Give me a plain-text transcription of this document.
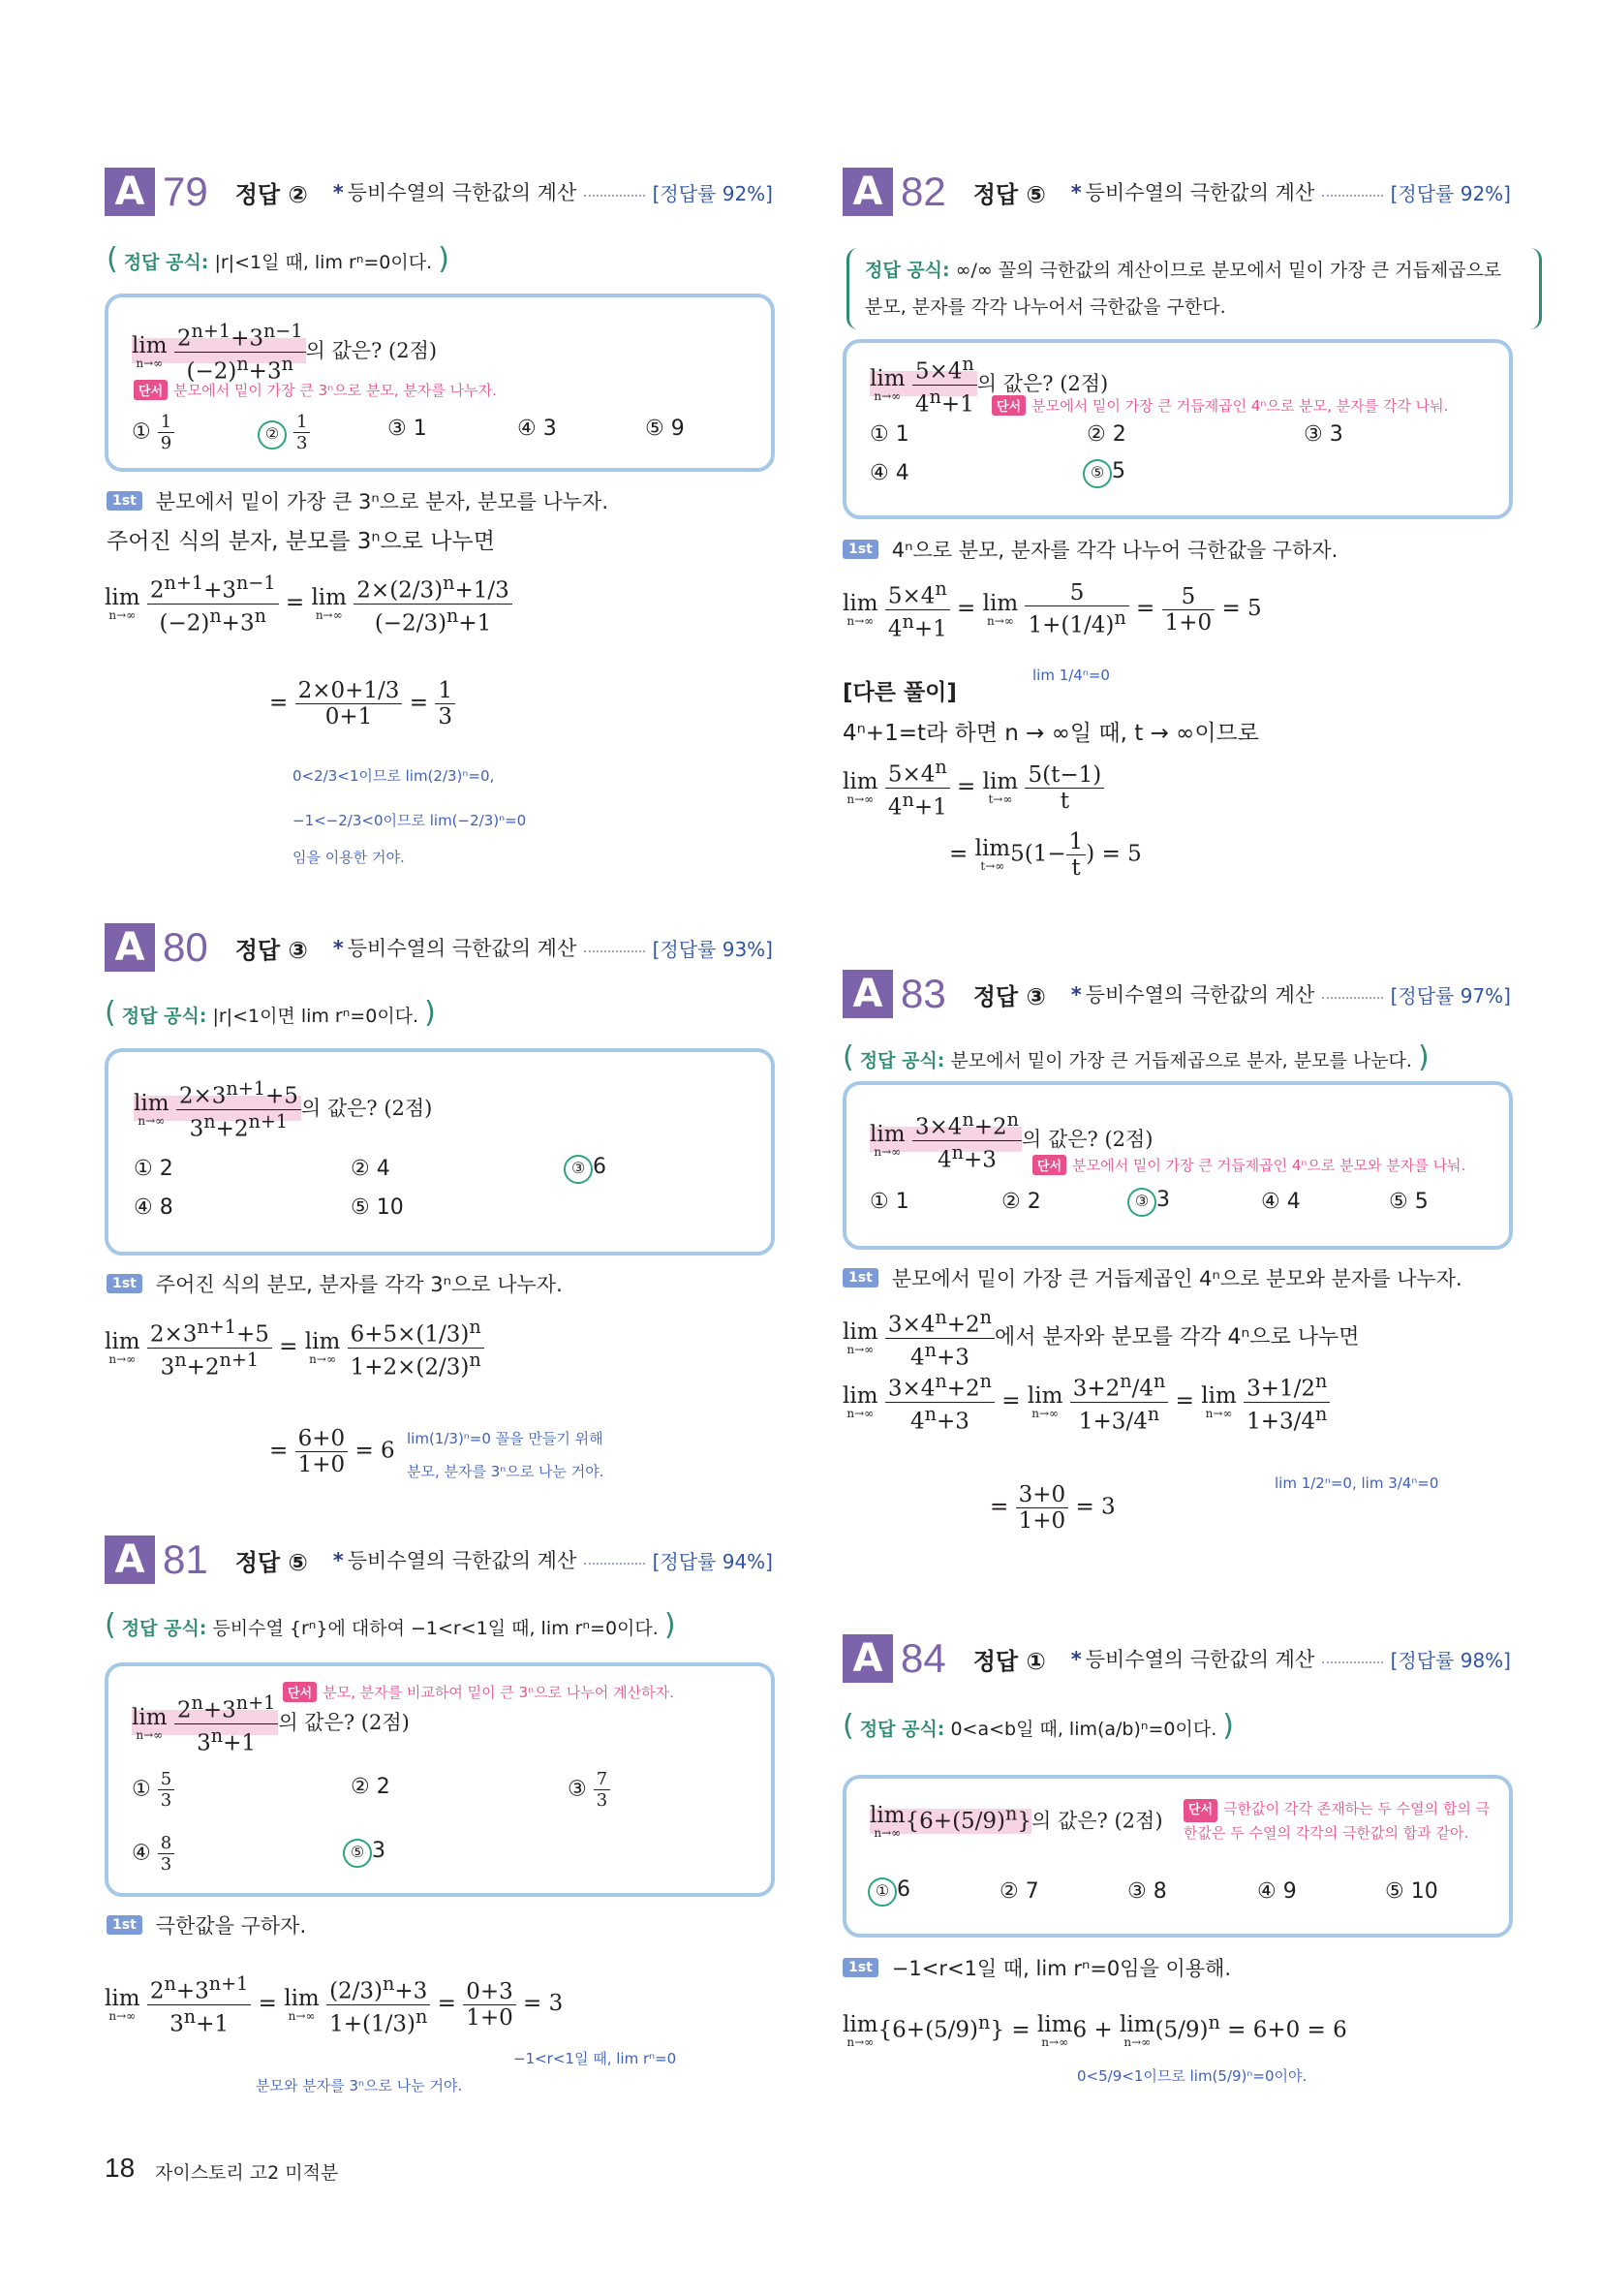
A 79 정답 ② * 등비수열의 극한값의 계산	[정답률 92%]
( 정답 공식: |r|<1일 때, lim rⁿ=0이다. )
lim
n→∞
$\frac{2^{n+1}+3^{n-1}}{(-2)^n+3^n}$ 의 값은? (2점)
단서 분모에서 밑이 가장 큰 3ⁿ으로 분모, 분자를 나누자.
① $\frac{1}{9}$	② $\frac{1}{3}$	③ 1	④ 3	⑤ 9
1st 분모에서 밑이 가장 큰 3ⁿ으로 분자, 분모를 나누자.
주어진 식의 분자, 분모를 3ⁿ으로 나누면
lim
n→∞
$\frac{2^{n+1}+3^{n-1}}{(-2)^n+3^n} = \lim$
n→∞
$\frac{2\times(2/3)^n+1/3}{(-2/3)^n+1}$
= $\frac{2\times 0+1/3}{0+1} = \frac{1}{3}$
0<2/3<1이므로 lim(2/3)ⁿ=0,
−1<−2/3<0이므로 lim(−2/3)ⁿ=0
임을 이용한 거야.
A 80 정답 ③ * 등비수열의 극한값의 계산	[정답률 93%]
( 정답 공식: |r|<1이면 lim rⁿ=0이다. )
lim
n→∞
$\frac{2\times 3^{n+1}+5}{3^n+2^{n+1}}$ 의 값은? (2점)
① 2	② 4	③ 6
④ 8	⑤ 10
1st 주어진 식의 분모, 분자를 각각 3ⁿ으로 나누자.
lim
n→∞
$\frac{2\times 3^{n+1}+5}{3^n+2^{n+1}} = \lim$
n→∞
$\frac{6+5\times(1/3)^n}{1+2\times(2/3)^n}$
= $\frac{6+0}{1+0} = 6$ lim(1/3)ⁿ=0 꼴을 만들기 위해
분모, 분자를 3ⁿ으로 나눈 거야.
A 81 정답 ⑤ * 등비수열의 극한값의 계산	[정답률 94%]
( 정답 공식: 등비수열 {rⁿ}에 대하여 −1<r<1일 때, lim rⁿ=0이다. )
단서 분모, 분자를 비교하여 밑이 큰 3ⁿ으로 나누어 계산하자.
lim
n→∞
$\frac{2^n+3^{n+1}}{3^n+1}$ 의 값은? (2점)
① $\frac{5}{3}$	② 2	③ $\frac{7}{3}$
④ $\frac{8}{3}$	⑤ 3
1st 극한값을 구하자.
lim
n→∞
$\frac{2^n+3^{n+1}}{3^n+1} = \lim$
n→∞
$\frac{(2/3)^n+3}{1+(1/3)^n} = \frac{0+3}{1+0} = 3$
−1<r<1일 때, lim rⁿ=0
분모와 분자를 3ⁿ으로 나눈 거야.
A 82 정답 ⑤ * 등비수열의 극한값의 계산	[정답률 92%]
정답 공식: ∞/∞ 꼴의 극한값의 계산이므로 분모에서 밑이 가장 큰 거듭제곱으로 분모, 분자를 각각 나누어서 극한값을 구한다.
lim
n→∞
$\frac{5\times 4^n}{4^n+1}$ 의 값은? (2점)
단서 분모에서 밑이 가장 큰 거듭제곱인 4ⁿ으로 분모, 분자를 각각 나눠.
① 1	② 2	③ 3
④ 4	⑤ 5
1st 4ⁿ으로 분모, 분자를 각각 나누어 극한값을 구하자.
lim
n→∞
$\frac{5\times 4^n}{4^n+1} = \lim$
n→∞
$\frac{5}{1+(1/4)^n} = \frac{5}{1+0} = 5$
lim 1/4ⁿ=0
[다른 풀이]
4ⁿ+1=t라 하면 n → ∞일 때, t → ∞이므로
lim
n→∞
$\frac{5\times 4^n}{4^n+1} = \lim$
t→∞
$\frac{5(t-1)}{t}$
= lim
t→∞ $5(1- \frac{1}{t}$ ) = 5
A 83 정답 ③ * 등비수열의 극한값의 계산	[정답률 97%]
( 정답 공식: 분모에서 밑이 가장 큰 거듭제곱으로 분자, 분모를 나눈다. )
lim
n→∞
$\frac{3\times 4^n+2^n}{4^n+3}$ 의 값은? (2점)
단서 분모에서 밑이 가장 큰 거듭제곱인 4ⁿ으로 분모와 분자를 나눠.
① 1	② 2	③ 3	④ 4	⑤ 5
1st 분모에서 밑이 가장 큰 거듭제곱인 4ⁿ으로 분모와 분자를 나누자.
lim
n→∞
$\frac{3\times 4^n+2^n}{4^n+3}$ 에서 분자와 분모를 각각 4ⁿ으로 나누면
lim
n→∞
$\frac{3\times 4^n+2^n}{4^n+3} = \lim$
n→∞
$\frac{3+2^n/4^n}{1+3/4^n} = \lim$
n→∞
$\frac{3+1/2^n}{1+3/4^n}$
lim 1/2ⁿ=0, lim 3/4ⁿ=0
= $\frac{3+0}{1+0} = 3$
A 84 정답 ① * 등비수열의 극한값의 계산	[정답률 98%]
( 정답 공식: 0<a<b일 때, lim(a/b)ⁿ=0이다. )
lim
n→∞ $\{6+(5/9)^n\}$의 값은? (2점)	단서 극한값이 각각 존재하는 두 수열의 합의 극한값은 두 수열의 각각의 극한값의 합과 같아.
① 6	② 7	③ 8	④ 9	⑤ 10
1st −1<r<1일 때, lim rⁿ=0임을 이용해.
lim
n→∞ $\{6+(5/9)^n\} = \lim$
n→∞ 6 + lim
n→∞ $(5/9)^n = 6+0 = 6$
0<5/9<1이므로 lim(5/9)ⁿ=0이야.
18 자이스토리 고2 미적분
